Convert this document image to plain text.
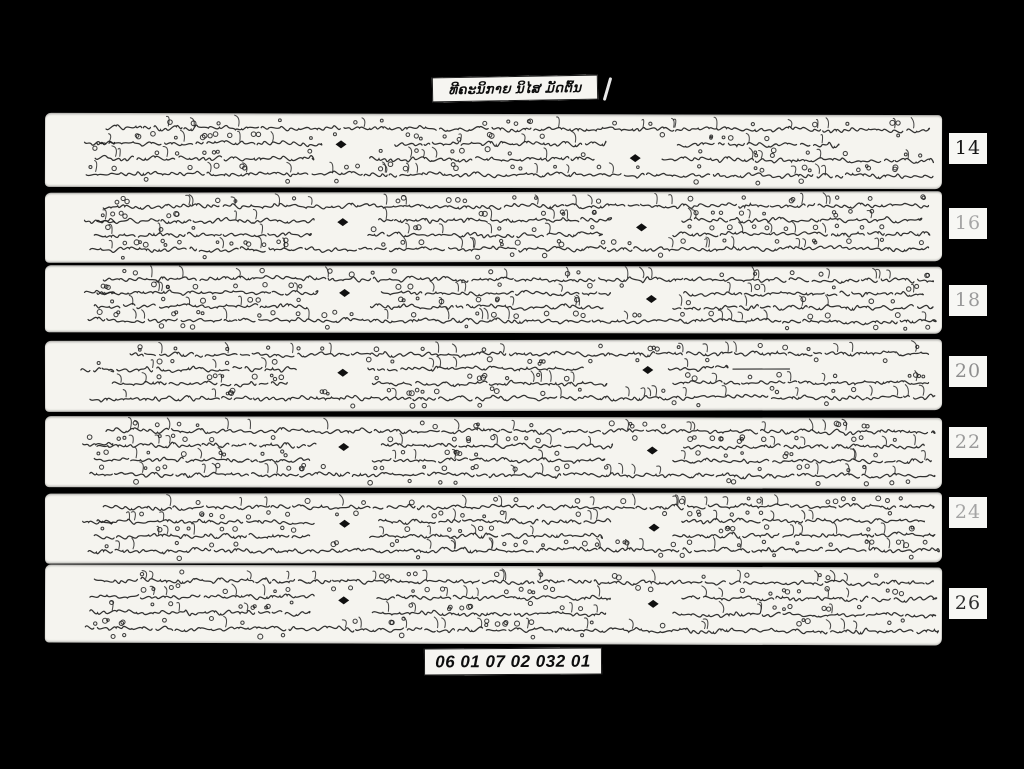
ທີຄະນິກາຍ ນິໄສ ມັດຕົ້ນ
14
16
18
20
22
24
26
06 01 07 02 032 01
